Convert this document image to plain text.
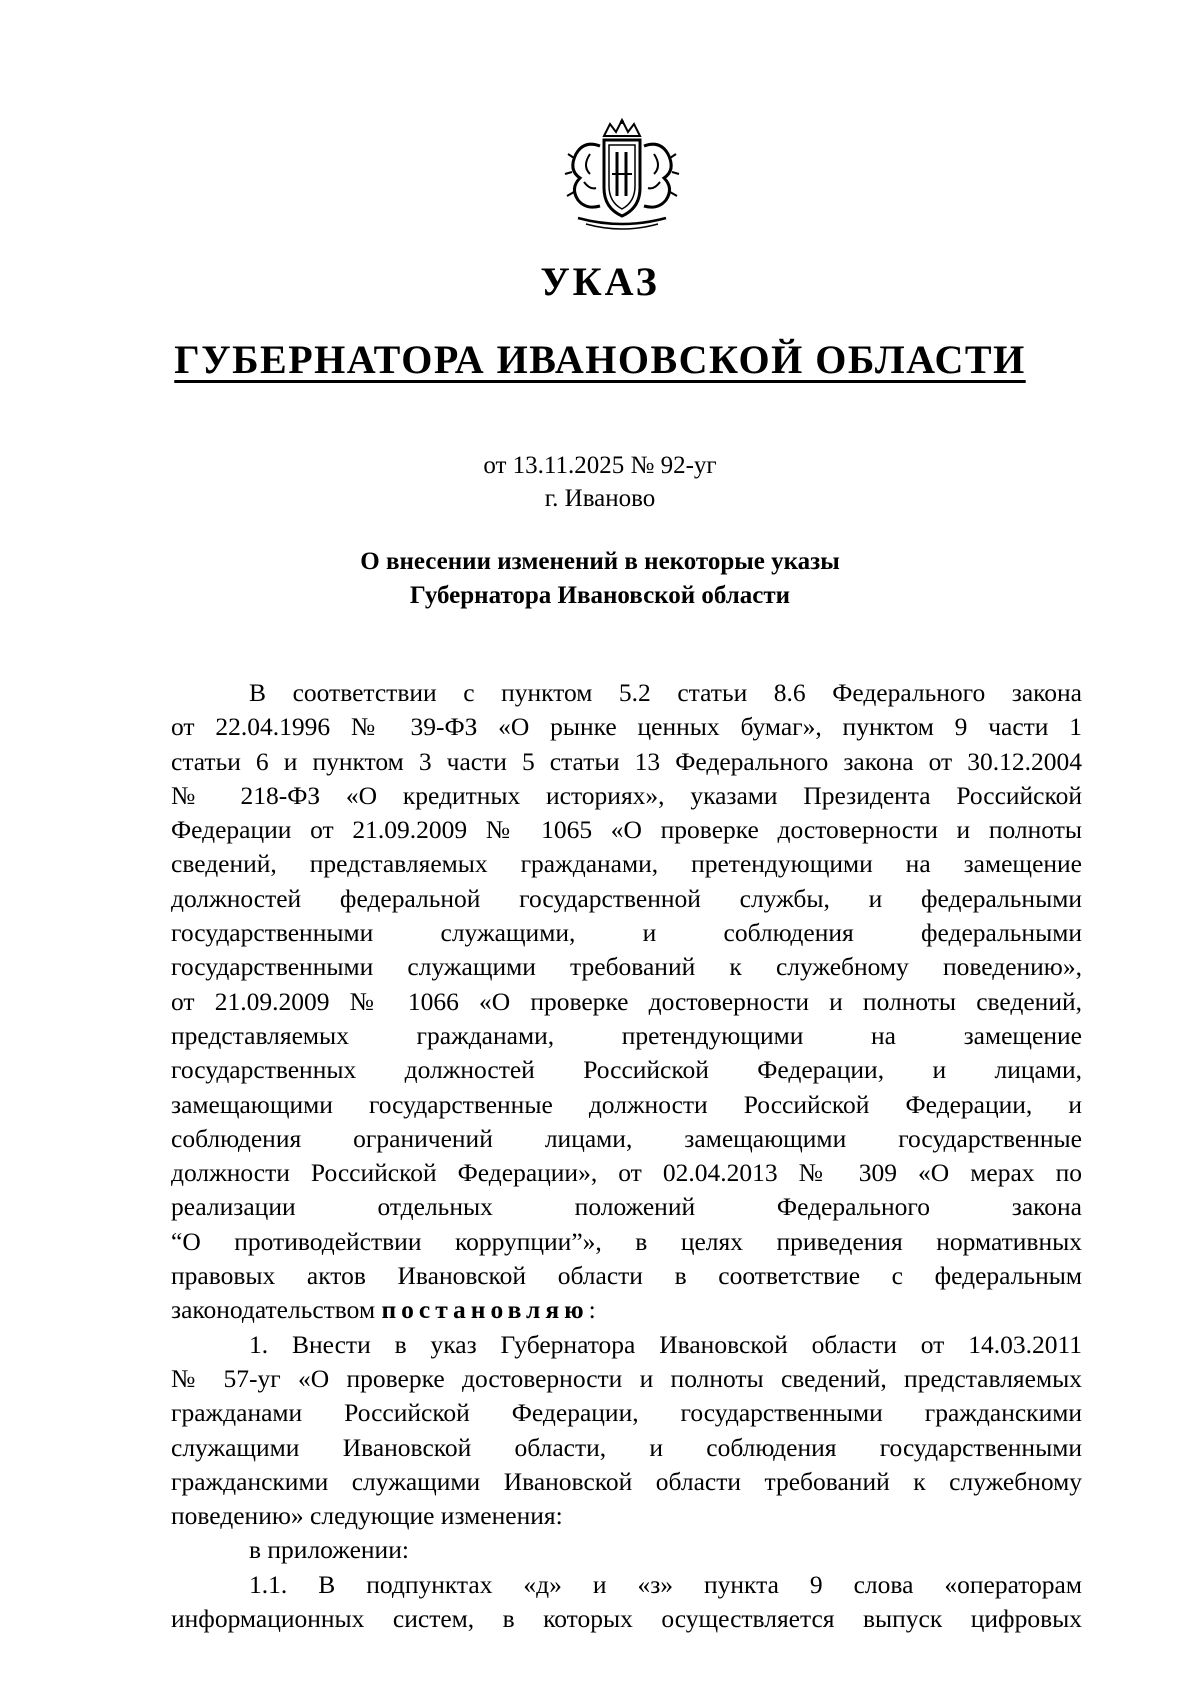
УКАЗ
ГУБЕРНАТОРА ИВАНОВСКОЙ ОБЛАСТИ
от 13.11.2025 № 92-уг
г. Иваново
О внесении изменений в некоторые указы
Губернатора Ивановской области
В соответствии с пунктом 5.2 статьи 8.6 Федерального закона
от 22.04.1996 № 39-ФЗ «О рынке ценных бумаг», пунктом 9 части 1
статьи 6 и пунктом 3 части 5 статьи 13 Федерального закона от 30.12.2004
№ 218-ФЗ «О кредитных историях», указами Президента Российской
Федерации от 21.09.2009 № 1065 «О проверке достоверности и полноты
сведений, представляемых гражданами, претендующими на замещение
должностей федеральной государственной службы, и федеральными
государственными служащими, и соблюдения федеральными
государственными служащими требований к служебному поведению»,
от 21.09.2009 № 1066 «О проверке достоверности и полноты сведений,
представляемых гражданами, претендующими на замещение
государственных должностей Российской Федерации, и лицами,
замещающими государственные должности Российской Федерации, и
соблюдения ограничений лицами, замещающими государственные
должности Российской Федерации», от 02.04.2013 № 309 «О мерах по
реализации отдельных положений Федерального закона
“О противодействии коррупции”», в целях приведения нормативных
правовых актов Ивановской области в соответствие с федеральным
законодательством постановляю:
1. Внести в указ Губернатора Ивановской области от 14.03.2011
№ 57-уг «О проверке достоверности и полноты сведений, представляемых
гражданами Российской Федерации, государственными гражданскими
служащими Ивановской области, и соблюдения государственными
гражданскими служащими Ивановской области требований к служебному
поведению» следующие изменения:
в приложении:
1.1. В подпунктах «д» и «з» пункта 9 слова «операторам
информационных систем, в которых осуществляется выпуск цифровых
